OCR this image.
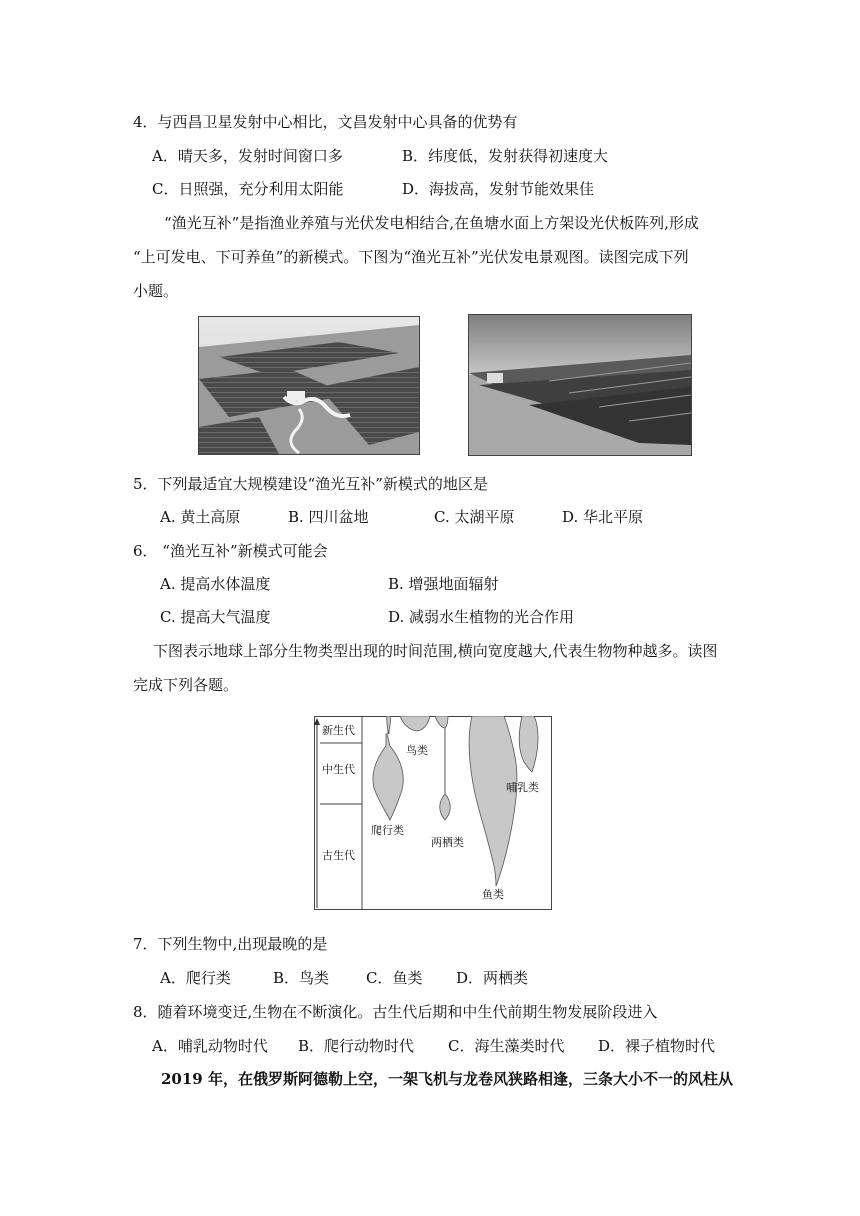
4．与西昌卫星发射中心相比，文昌发射中心具备的优势有
A．晴天多，发射时间窗口多	B．纬度低，发射获得初速度大
C．日照强，充分利用太阳能	D．海拔高，发射节能效果佳
“渔光互补”是指渔业养殖与光伏发电相结合,在鱼塘水面上方架设光伏板阵列,形成
“上可发电、下可养鱼”的新模式。下图为“渔光互补”光伏发电景观图。读图完成下列
小题。
5．下列最适宜大规模建设“渔光互补”新模式的地区是
A. 黄土高原	B. 四川盆地	C. 太湖平原	D. 华北平原
6． “渔光互补”新模式可能会
A. 提高水体温度	B. 增强地面辐射
C. 提高大气温度	D. 减弱水生植物的光合作用
下图表示地球上部分生物类型出现的时间范围,横向宽度越大,代表生物物种越多。读图
完成下列各题。
新生代
中生代
古生代
爬行类
鸟类
两栖类
鱼类
哺乳类
7．下列生物中,出现最晚的是
A．爬行类	B．鸟类 C．鱼类 D．两栖类
8．随着环境变迁,生物在不断演化。古生代后期和中生代前期生物发展阶段进入
A．哺乳动物时代 B．爬行动物时代 C．海生藻类时代 D．裸子植物时代
2019 年，在俄罗斯阿德勒上空，一架飞机与龙卷风狭路相逢，三条大小不一的风柱从
